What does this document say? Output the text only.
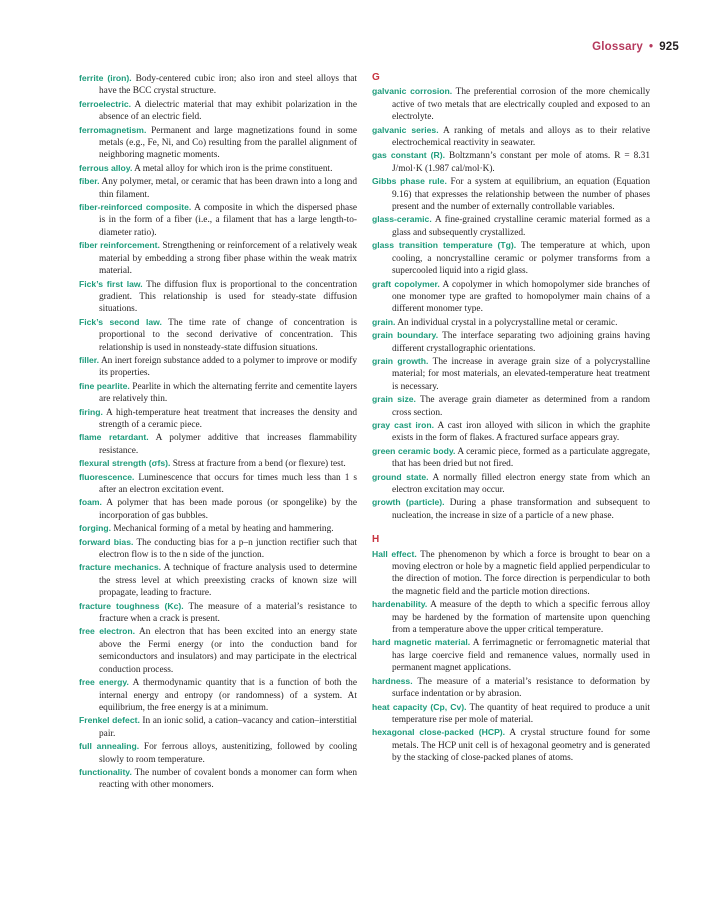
Glossary • 925

ferrite (iron). Body-centered cubic iron; also iron and steel alloys that have the BCC crystal structure.

ferroelectric. A dielectric material that may exhibit polarization in the absence of an electric field.

ferromagnetism. Permanent and large magnetizations found in some metals (e.g., Fe, Ni, and Co) resulting from the parallel alignment of neighboring magnetic moments.

ferrous alloy. A metal alloy for which iron is the prime constituent.

fiber. Any polymer, metal, or ceramic that has been drawn into a long and thin filament.

fiber-reinforced composite. A composite in which the dispersed phase is in the form of a fiber (i.e., a filament that has a large length-to-diameter ratio).

fiber reinforcement. Strengthening or reinforcement of a relatively weak material by embedding a strong fiber phase within the weak matrix material.

Fick’s first law. The diffusion flux is proportional to the concentration gradient. This relationship is used for steady-state diffusion situations.

Fick’s second law. The time rate of change of concentration is proportional to the second derivative of concentration. This relationship is used in nonsteady-state diffusion situations.

filler. An inert foreign substance added to a polymer to improve or modify its properties.

fine pearlite. Pearlite in which the alternating ferrite and cementite layers are relatively thin.

firing. A high-temperature heat treatment that increases the density and strength of a ceramic piece.

flame retardant. A polymer additive that increases flammability resistance.

flexural strength (σfs). Stress at fracture from a bend (or flexure) test.

fluorescence. Luminescence that occurs for times much less than 1 s after an electron excitation event.

foam. A polymer that has been made porous (or spongelike) by the incorporation of gas bubbles.

forging. Mechanical forming of a metal by heating and hammering.

forward bias. The conducting bias for a p–n junction rectifier such that electron flow is to the n side of the junction.

fracture mechanics. A technique of fracture analysis used to determine the stress level at which preexisting cracks of known size will propagate, leading to fracture.

fracture toughness (Kc). The measure of a material’s resistance to fracture when a crack is present.

free electron. An electron that has been excited into an energy state above the Fermi energy (or into the conduction band for semiconductors and insulators) and may participate in the electrical conduction process.

free energy. A thermodynamic quantity that is a function of both the internal energy and entropy (or randomness) of a system. At equilibrium, the free energy is at a minimum.

Frenkel defect. In an ionic solid, a cation–vacancy and cation–interstitial pair.

full annealing. For ferrous alloys, austenitizing, followed by cooling slowly to room temperature.

functionality. The number of covalent bonds a monomer can form when reacting with other monomers.

G

galvanic corrosion. The preferential corrosion of the more chemically active of two metals that are electrically coupled and exposed to an electrolyte.

galvanic series. A ranking of metals and alloys as to their relative electrochemical reactivity in seawater.

gas constant (R). Boltzmann’s constant per mole of atoms. R = 8.31 J/mol·K (1.987 cal/mol·K).

Gibbs phase rule. For a system at equilibrium, an equation (Equation 9.16) that expresses the relationship between the number of phases present and the number of externally controllable variables.

glass-ceramic. A fine-grained crystalline ceramic material formed as a glass and subsequently crystallized.

glass transition temperature (Tg). The temperature at which, upon cooling, a noncrystalline ceramic or polymer transforms from a supercooled liquid into a rigid glass.

graft copolymer. A copolymer in which homopolymer side branches of one monomer type are grafted to homopolymer main chains of a different monomer type.

grain. An individual crystal in a polycrystalline metal or ceramic.

grain boundary. The interface separating two adjoining grains having different crystallographic orientations.

grain growth. The increase in average grain size of a polycrystalline material; for most materials, an elevated-temperature heat treatment is necessary.

grain size. The average grain diameter as determined from a random cross section.

gray cast iron. A cast iron alloyed with silicon in which the graphite exists in the form of flakes. A fractured surface appears gray.

green ceramic body. A ceramic piece, formed as a particulate aggregate, that has been dried but not fired.

ground state. A normally filled electron energy state from which an electron excitation may occur.

growth (particle). During a phase transformation and subsequent to nucleation, the increase in size of a particle of a new phase.

H

Hall effect. The phenomenon by which a force is brought to bear on a moving electron or hole by a magnetic field applied perpendicular to the direction of motion. The force direction is perpendicular to both the magnetic field and the particle motion directions.

hardenability. A measure of the depth to which a specific ferrous alloy may be hardened by the formation of martensite upon quenching from a temperature above the upper critical temperature.

hard magnetic material. A ferrimagnetic or ferromagnetic material that has large coercive field and remanence values, normally used in permanent magnet applications.

hardness. The measure of a material’s resistance to deformation by surface indentation or by abrasion.

heat capacity (Cp, Cv). The quantity of heat required to produce a unit temperature rise per mole of material.

hexagonal close-packed (HCP). A crystal structure found for some metals. The HCP unit cell is of hexagonal geometry and is generated by the stacking of close-packed planes of atoms.
